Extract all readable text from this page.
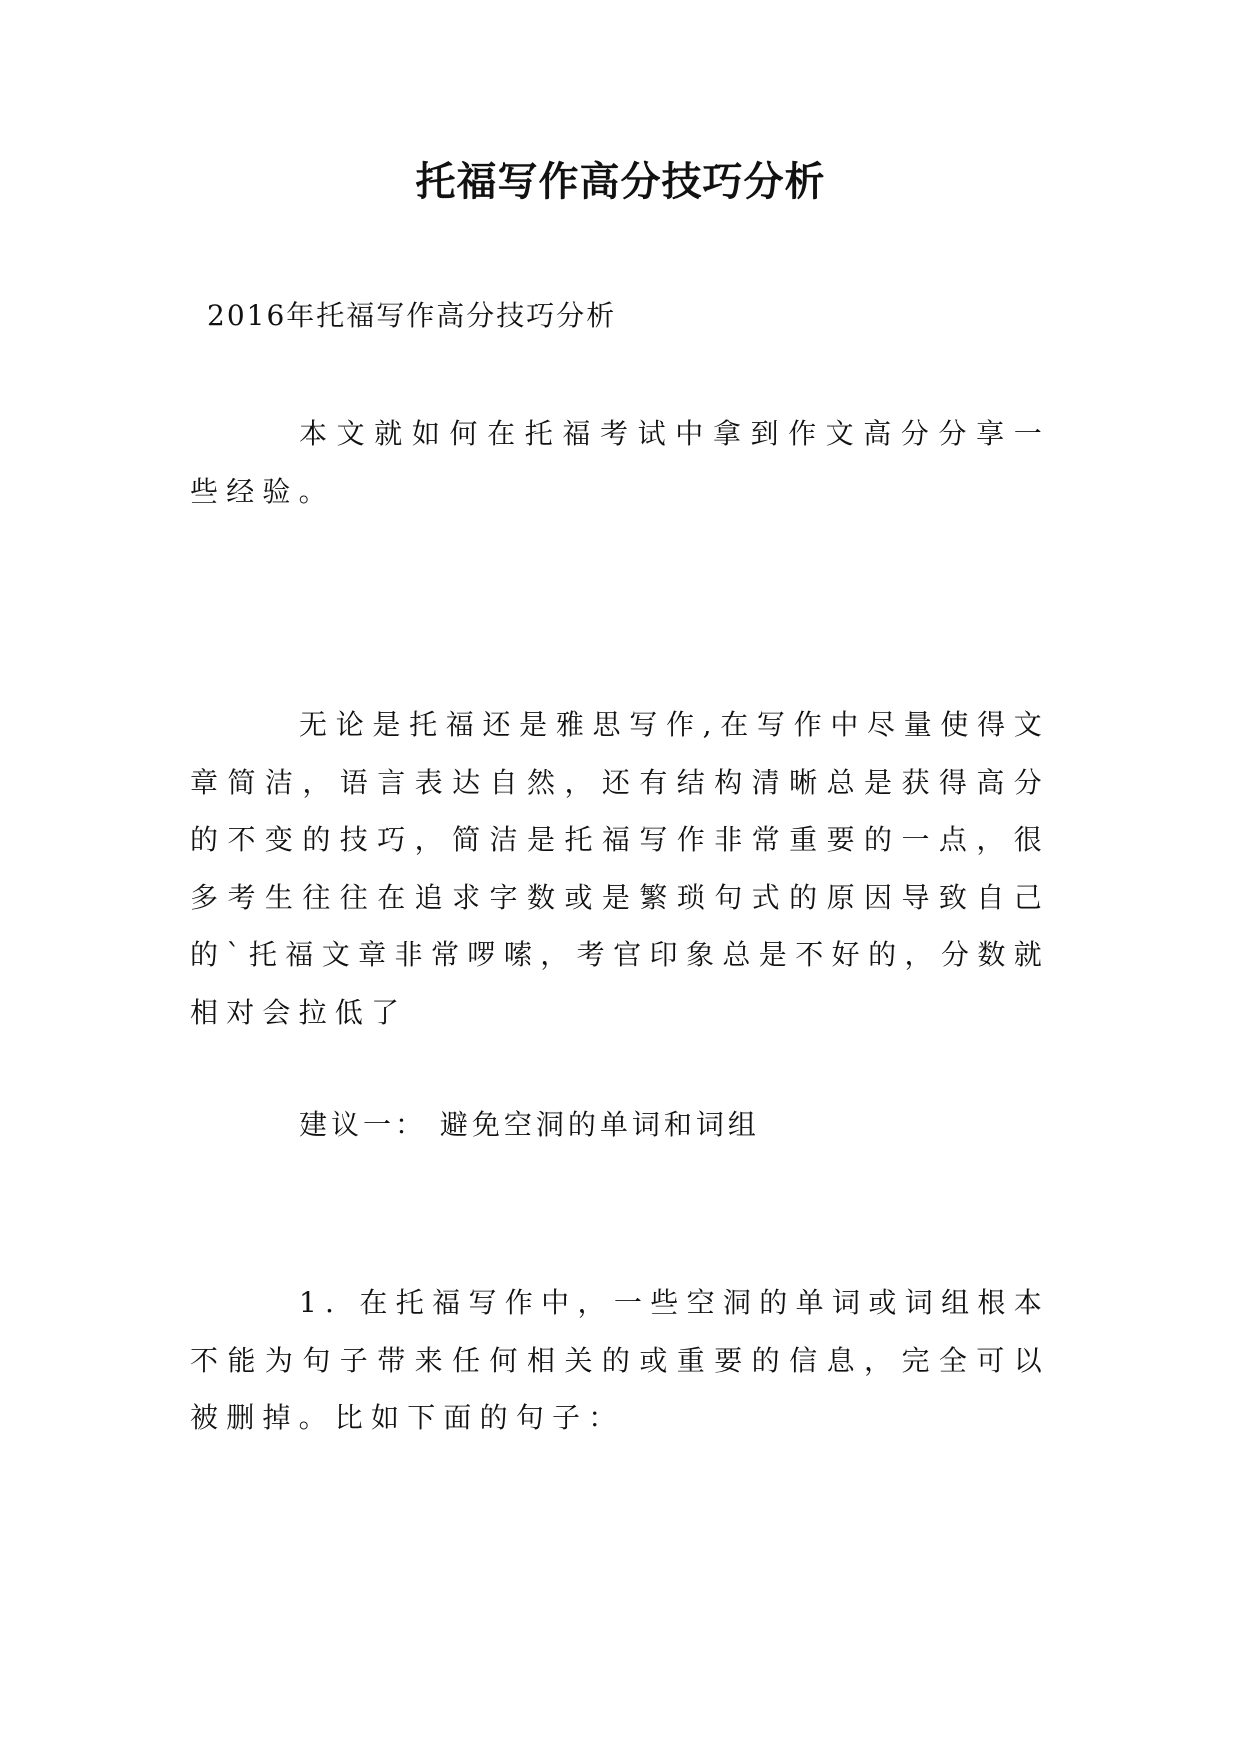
托福写作高分技巧分析

2016年托福写作高分技巧分析

本文就如何在托福考试中拿到作文高分分享一些经验。

无论是托福还是雅思写作,在写作中尽量使得文章简洁，语言表达自然，还有结构清晰总是获得高分的不变的技巧，简洁是托福写作非常重要的一点，很多考生往往在追求字数或是繁琐句式的原因导致自己的`托福文章非常啰嗦，考官印象总是不好的，分数就相对会拉低了

建议一： 避免空洞的单词和词组

1. 在托福写作中，一些空洞的单词或词组根本不能为句子带来任何相关的或重要的信息，完全可以被删掉。比如下面的句子：
